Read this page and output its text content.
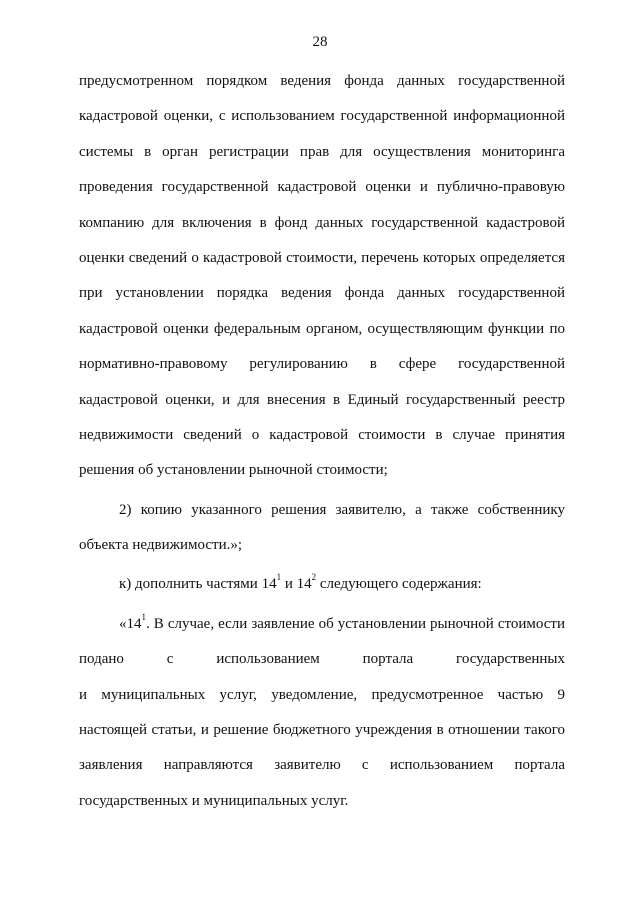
28
предусмотренном порядком ведения фонда данных государственной
кадастровой оценки, с использованием государственной информационной
системы в орган регистрации прав для осуществления мониторинга
проведения государственной кадастровой оценки и публично-правовую
компанию для включения в фонд данных государственной кадастровой
оценки сведений о кадастровой стоимости, перечень которых определяется
при установлении порядка ведения фонда данных государственной
кадастровой оценки федеральным органом, осуществляющим функции по
нормативно-правовому регулированию в сфере государственной
кадастровой оценки, и для внесения в Единый государственный реестр
недвижимости сведений о кадастровой стоимости в случае принятия
решения об установлении рыночной стоимости;
2) копию указанного решения заявителю, а также собственнику
объекта недвижимости.»;
к) дополнить частями $14^1$ и $14^2$ следующего содержания:
«$14^1$. В случае, если заявление об установлении рыночной стоимости
подано с использованием портала государственных
и муниципальных услуг, уведомление, предусмотренное частью 9
настоящей статьи, и решение бюджетного учреждения в отношении такого
заявления направляются заявителю с использованием портала
государственных и муниципальных услуг.
